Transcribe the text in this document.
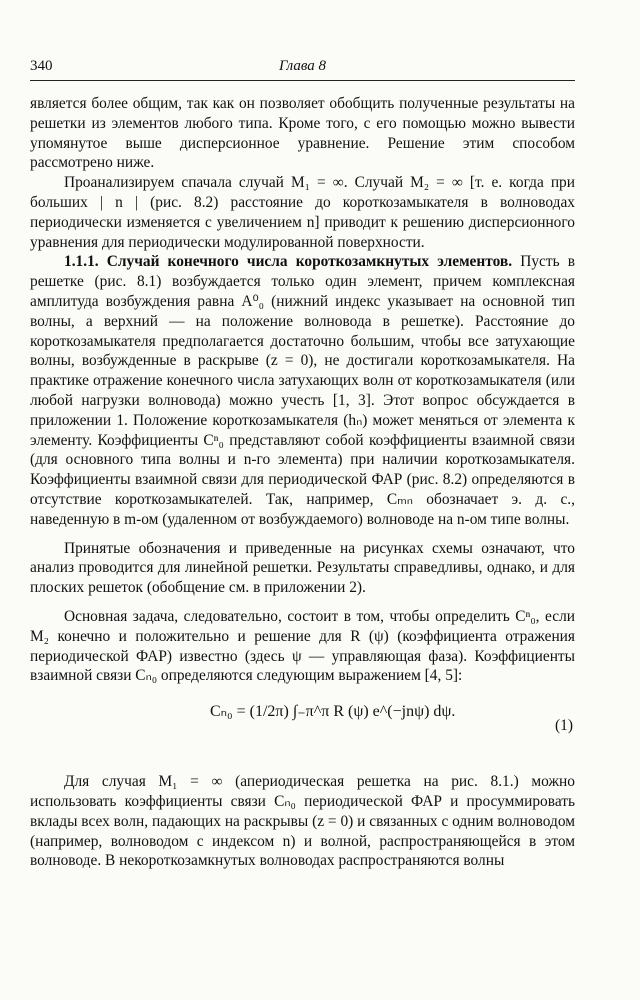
340	Глава 8

является более общим, так как он позволяет обобщить полученные результаты на решетки из элементов любого типа. Кроме того, с его помощью можно вывести упомянутое выше дисперсионное уравнение. Решение этим способом рассмотрено ниже.

Проанализируем спачала случай M₁ = ∞. Случай M₂ = ∞ [т. е. когда при больших | n | (рис. 8.2) расстояние до короткозамыкателя в волноводах периодически изменяется с увеличением n] приводит к решению дисперсионного уравнения для периодически модулированной поверхности.

1.1.1. Случай конечного числа короткозамкнутых элементов. Пусть в решетке (рис. 8.1) возбуждается только один элемент, причем комплексная амплитуда возбуждения равна A⁰₀ (нижний индекс указывает на основной тип волны, а верхний — на положение волновода в решетке). Расстояние до короткозамыкателя предполагается достаточно большим, чтобы все затухающие волны, возбужденные в раскрыве (z = 0), не достигали короткозамыкателя. На практике отражение конечного числа затухающих волн от короткозамыкателя (или любой нагрузки волновода) можно учесть [1, 3]. Этот вопрос обсуждается в приложении 1. Положение короткозамыкателя (hₙ) может меняться от элемента к элементу. Коэффициенты Cⁿ₀ представляют собой коэффициенты взаимной связи (для основного типа волны и n-го элемента) при наличии короткозамыкателя. Коэффициенты взаимной связи для периодической ФАР (рис. 8.2) определяются в отсутствие короткозамыкателей. Так, например, Cₘₙ обозначает э. д. с., наведенную в m-ом (удаленном от возбуждаемого) волноводе на n-ом типе волны.

Принятые обозначения и приведенные на рисунках схемы означают, что анализ проводится для линейной решетки. Результаты справедливы, однако, и для плоских решеток (обобщение см. в приложении 2).

Основная задача, следовательно, состоит в том, чтобы определить Cⁿ₀, если M₂ конечно и положительно и решение для R (ψ) (коэффициента отражения периодической ФАР) известно (здесь ψ — управляющая фаза). Коэффициенты взаимной связи Cₙ₀ определяются следующим выражением [4, 5]:

Cₙ₀ = (1/2π) ∫₋π^π R (ψ) e^(−jnψ) dψ.
(1)

Для случая M₁ = ∞ (апериодическая решетка на рис. 8.1.) можно использовать коэффициенты связи Cₙ₀ периодической ФАР и просуммировать вклады всех волн, падающих на раскрывы (z = 0) и связанных с одним волноводом (например, волноводом с индексом n) и волной, распространяющейся в этом волноводе. В некороткозамкнутых волноводах распространяются волны
